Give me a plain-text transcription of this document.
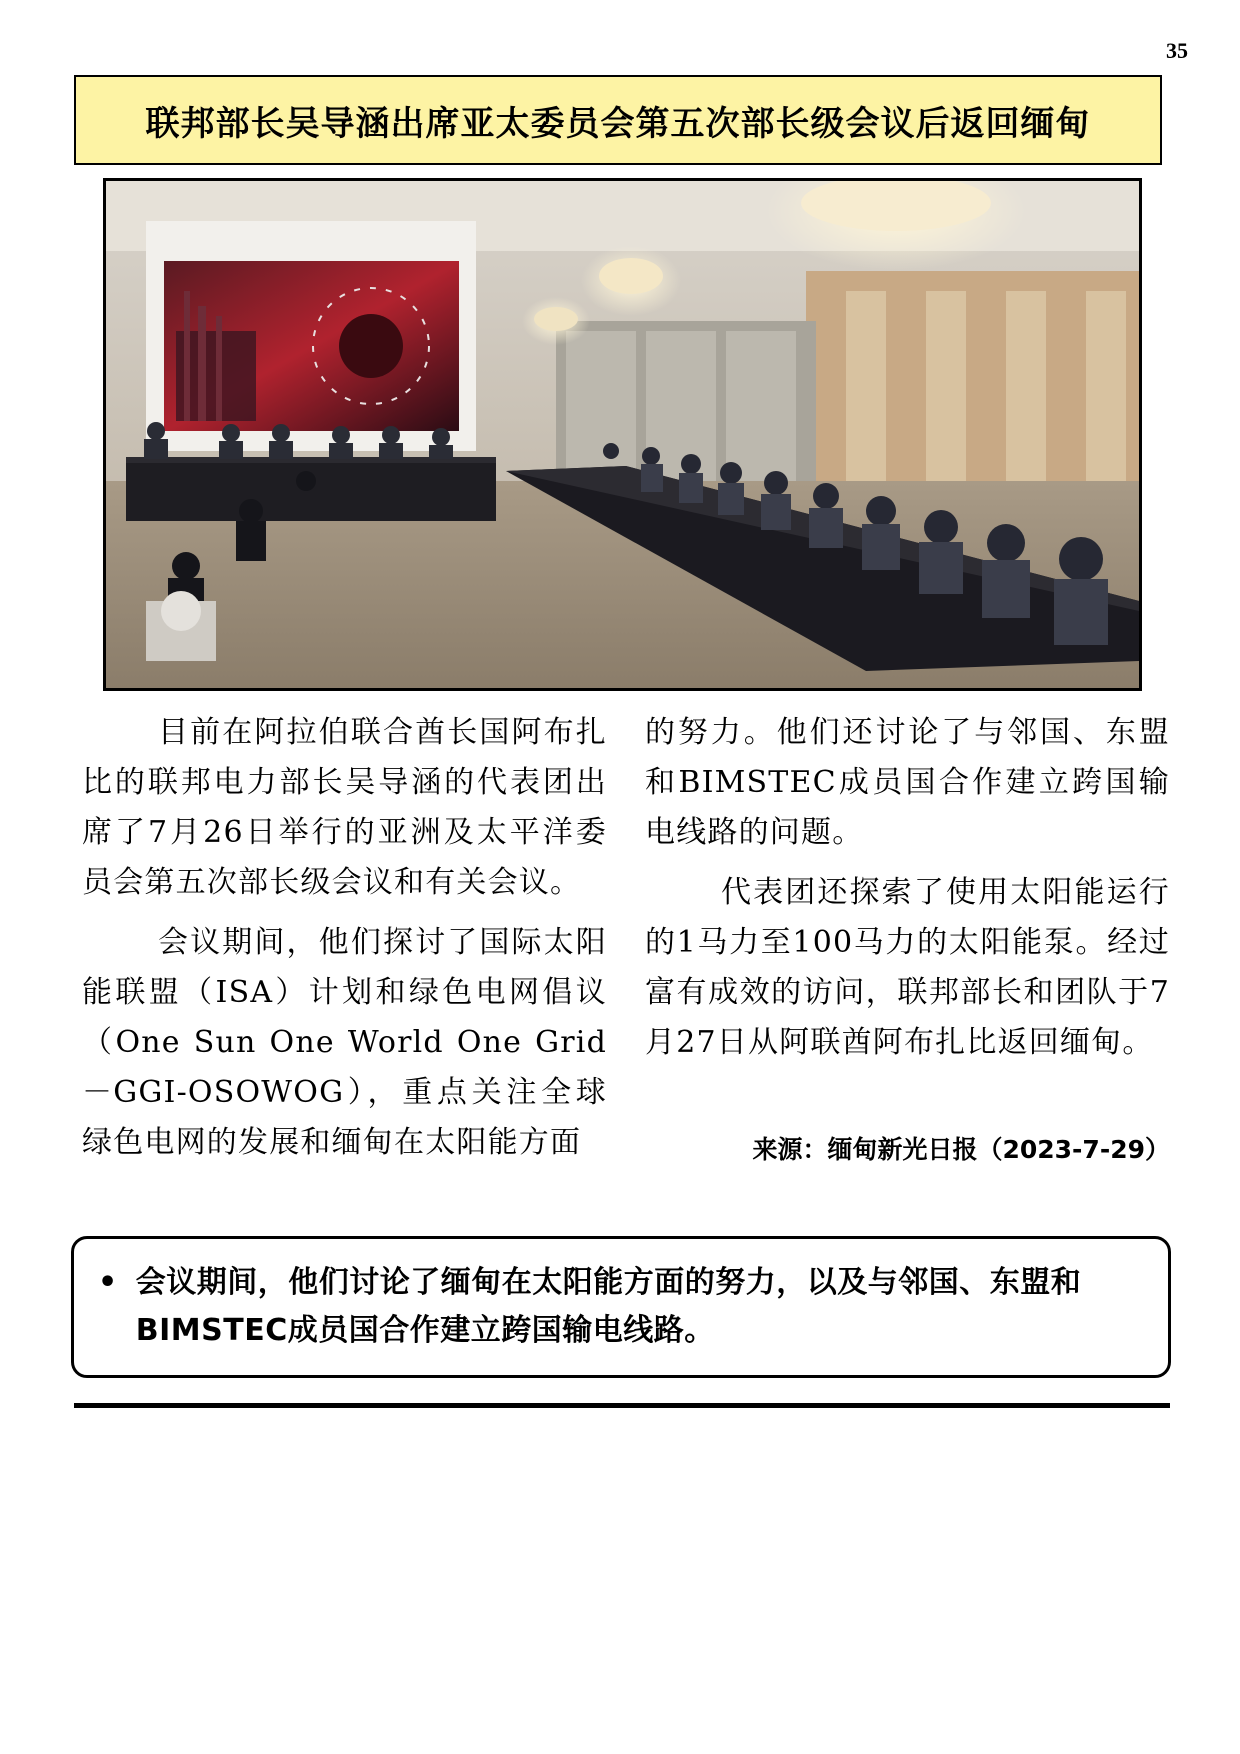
35
联邦部长吴导涵出席亚太委员会第五次部长级会议后返回缅甸

目前在阿拉伯联合酋长国阿布扎比的联邦电力部长吴导涵的代表团出席了7月26日举行的亚洲及太平洋委员会第五次部长级会议和有关会议。

会议期间，他们探讨了国际太阳能联盟（ISA）计划和绿色电网倡议（One Sun One World One Grid－GGI-OSOWOG），重点关注全球绿色电网的发展和缅甸在太阳能方面

的努力。他们还讨论了与邻国、东盟和BIMSTEC成员国合作建立跨国输电线路的问题。

代表团还探索了使用太阳能运行的1马力至100马力的太阳能泵。经过富有成效的访问，联邦部长和团队于7月27日从阿联酋阿布扎比返回缅甸。

来源：缅甸新光日报（2023-7-29）
• 会议期间，他们讨论了缅甸在太阳能方面的努力，以及与邻国、东盟和BIMSTEC成员国合作建立跨国输电线路。
